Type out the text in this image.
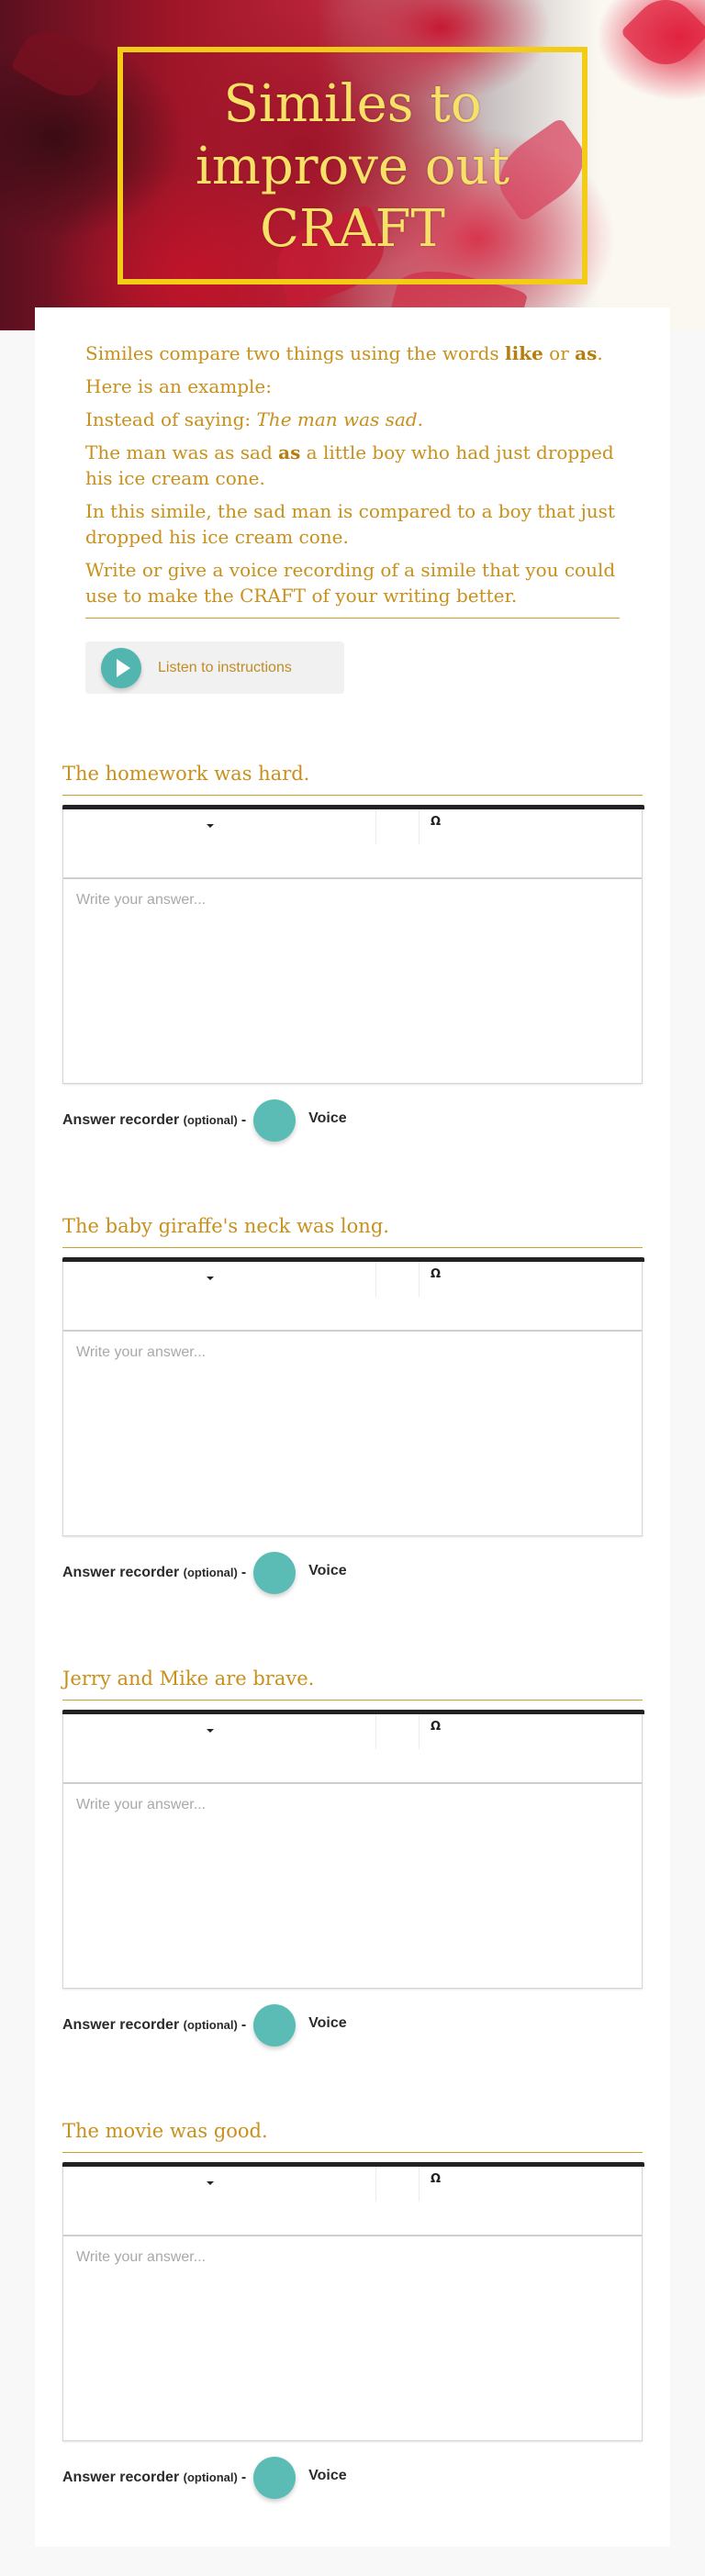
Similes to improve out CRAFT

Similes compare two things using the words like or as.

Here is an example:

Instead of saying: The man was sad.

The man was as sad as a little boy who had just dropped his ice cream cone.

In this simile, the sad man is compared to a boy that just dropped his ice cream cone.

Write or give a voice recording of a simile that you could use to make the CRAFT of your writing better.

Listen to instructions
The homework was hard.
Ω
Write your answer...
Answer recorder (optional) -	Voice
The baby giraffe's neck was long.
Ω
Write your answer...
Answer recorder (optional) -	Voice
Jerry and Mike are brave.
Ω
Write your answer...
Answer recorder (optional) -	Voice
The movie was good.
Ω
Write your answer...
Answer recorder (optional) -	Voice
